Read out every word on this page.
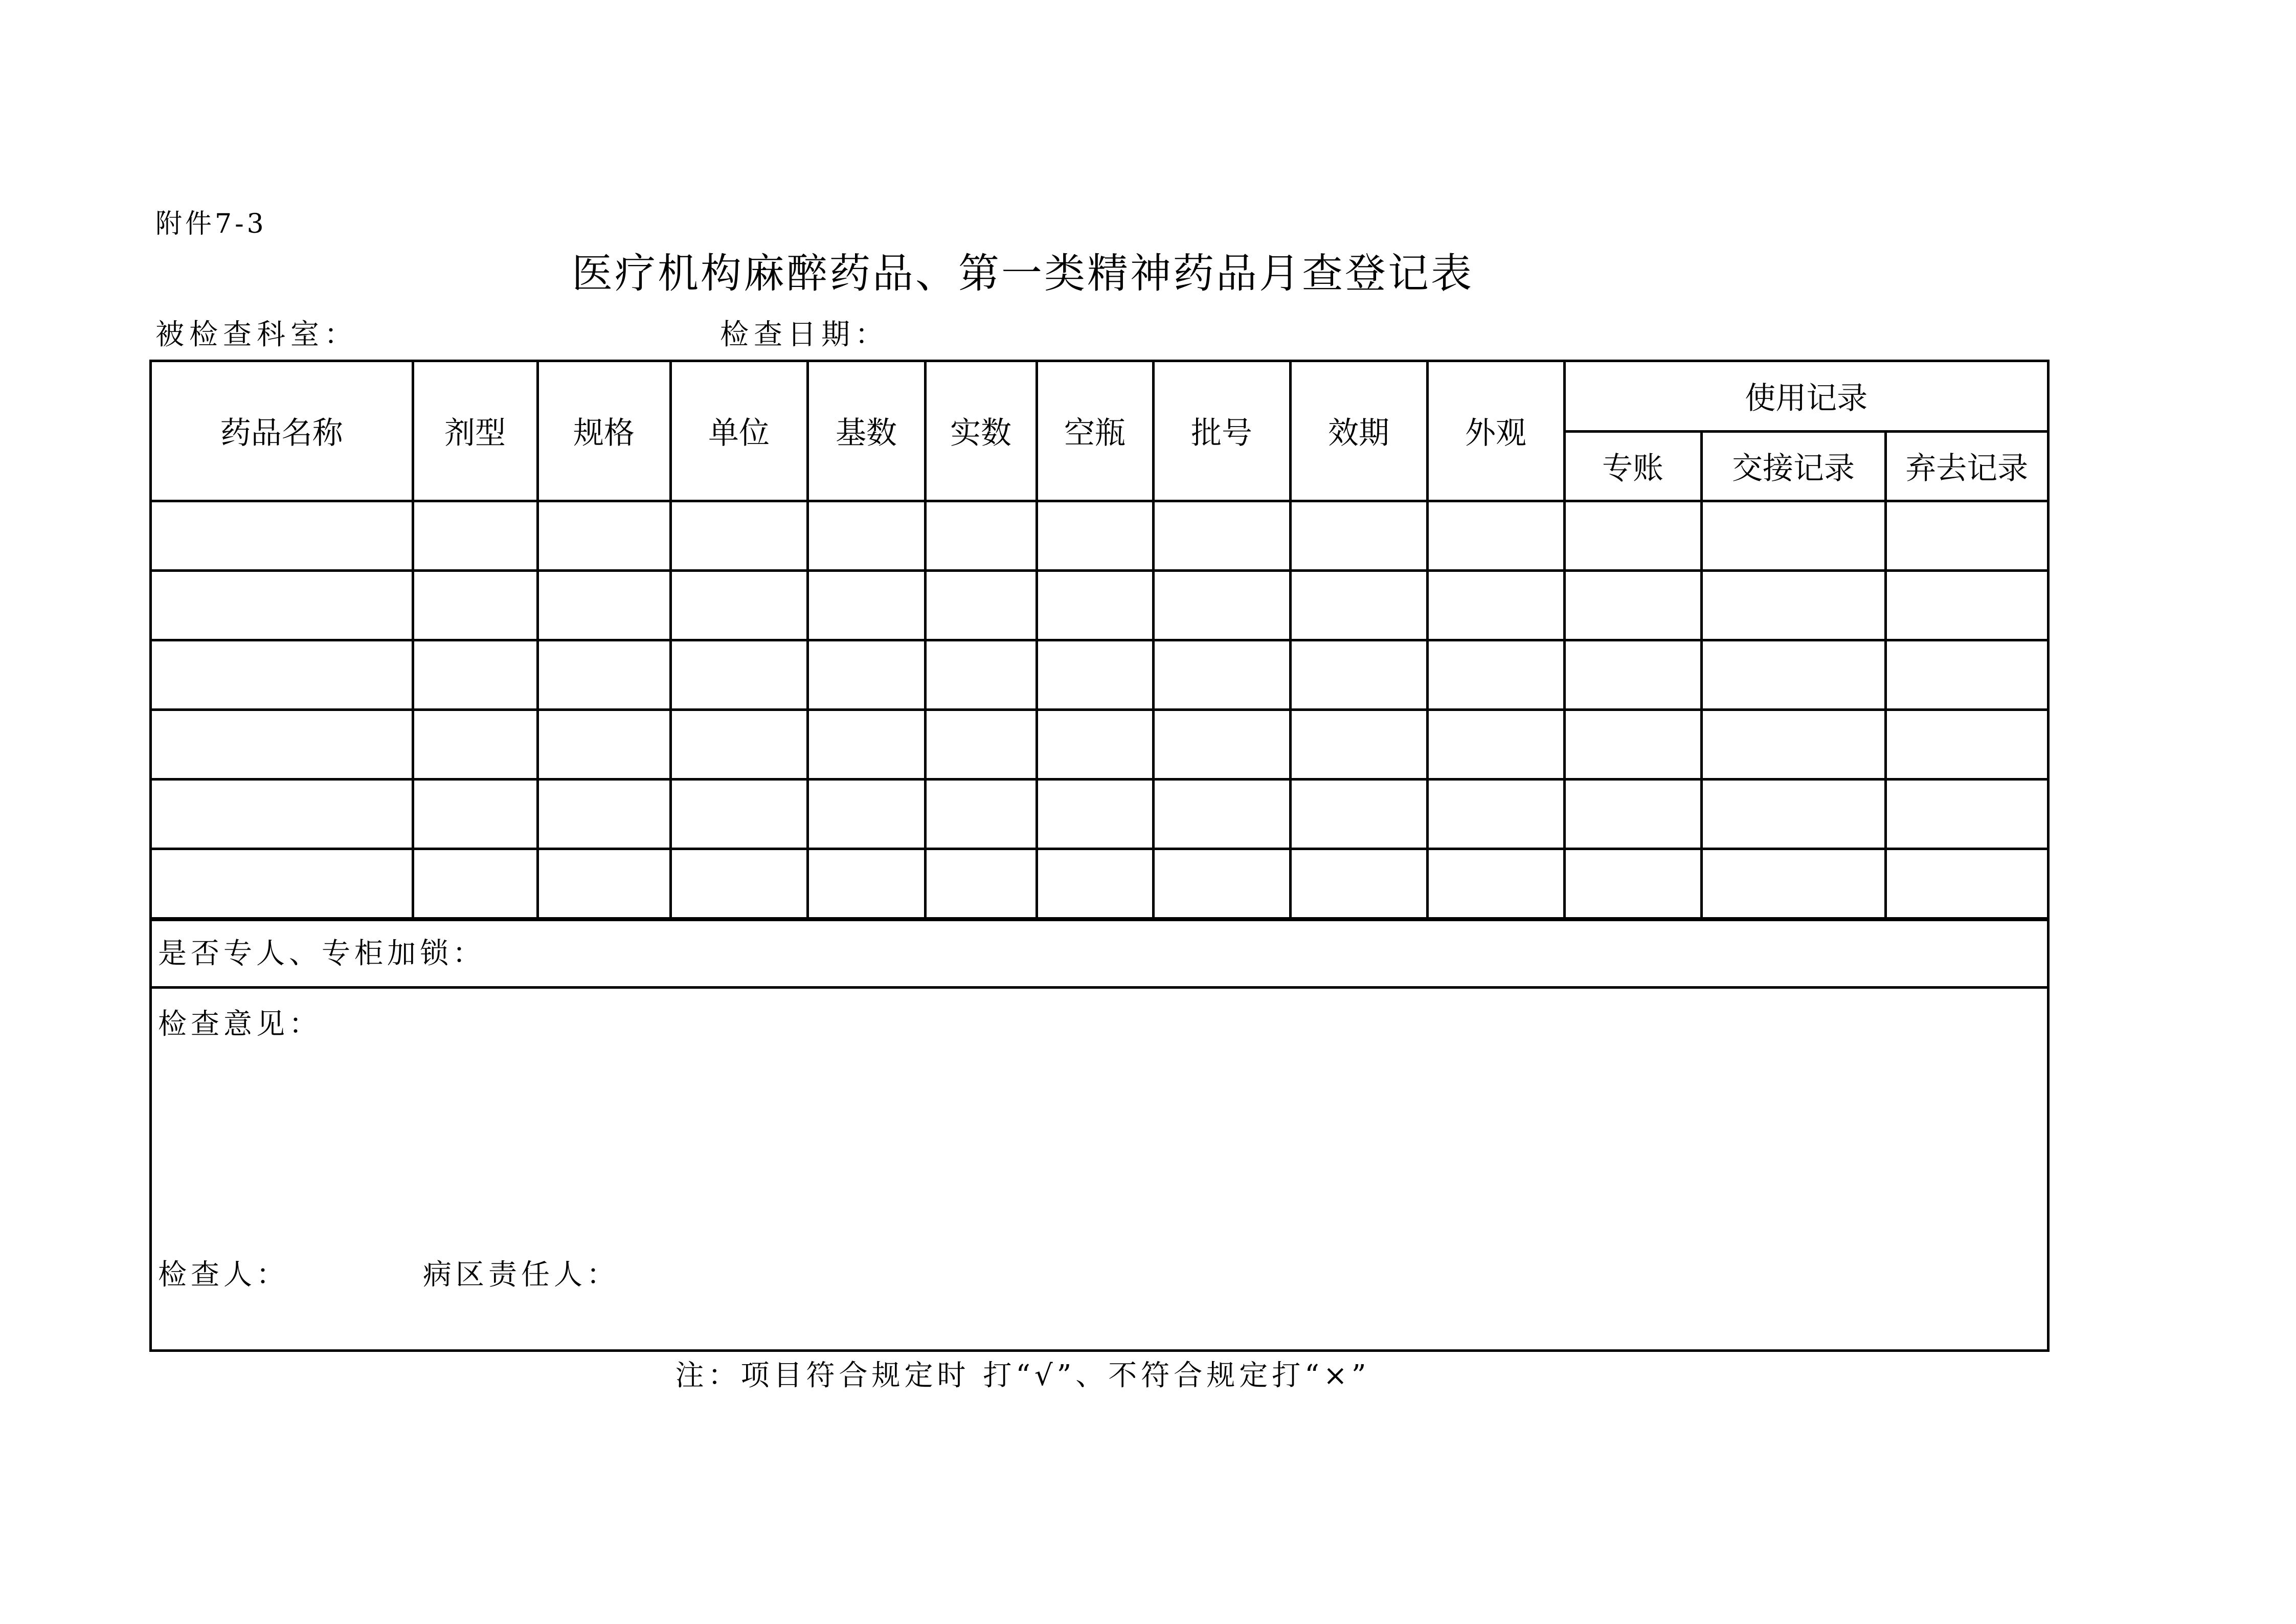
附件7-3
医疗机构麻醉药品、第一类精神药品月查登记表
被检查科室：	检查日期：
药品名称	剂型	规格	单位	基数	实数	空瓶	批号	效期	外观	使用记录		
										专账	交接记录	弃去记录

是否专人、专柜加锁：
检查意见：
检查人：	病区责任人：
注：项目符合规定时 打“√”、不符合规定打“×”
